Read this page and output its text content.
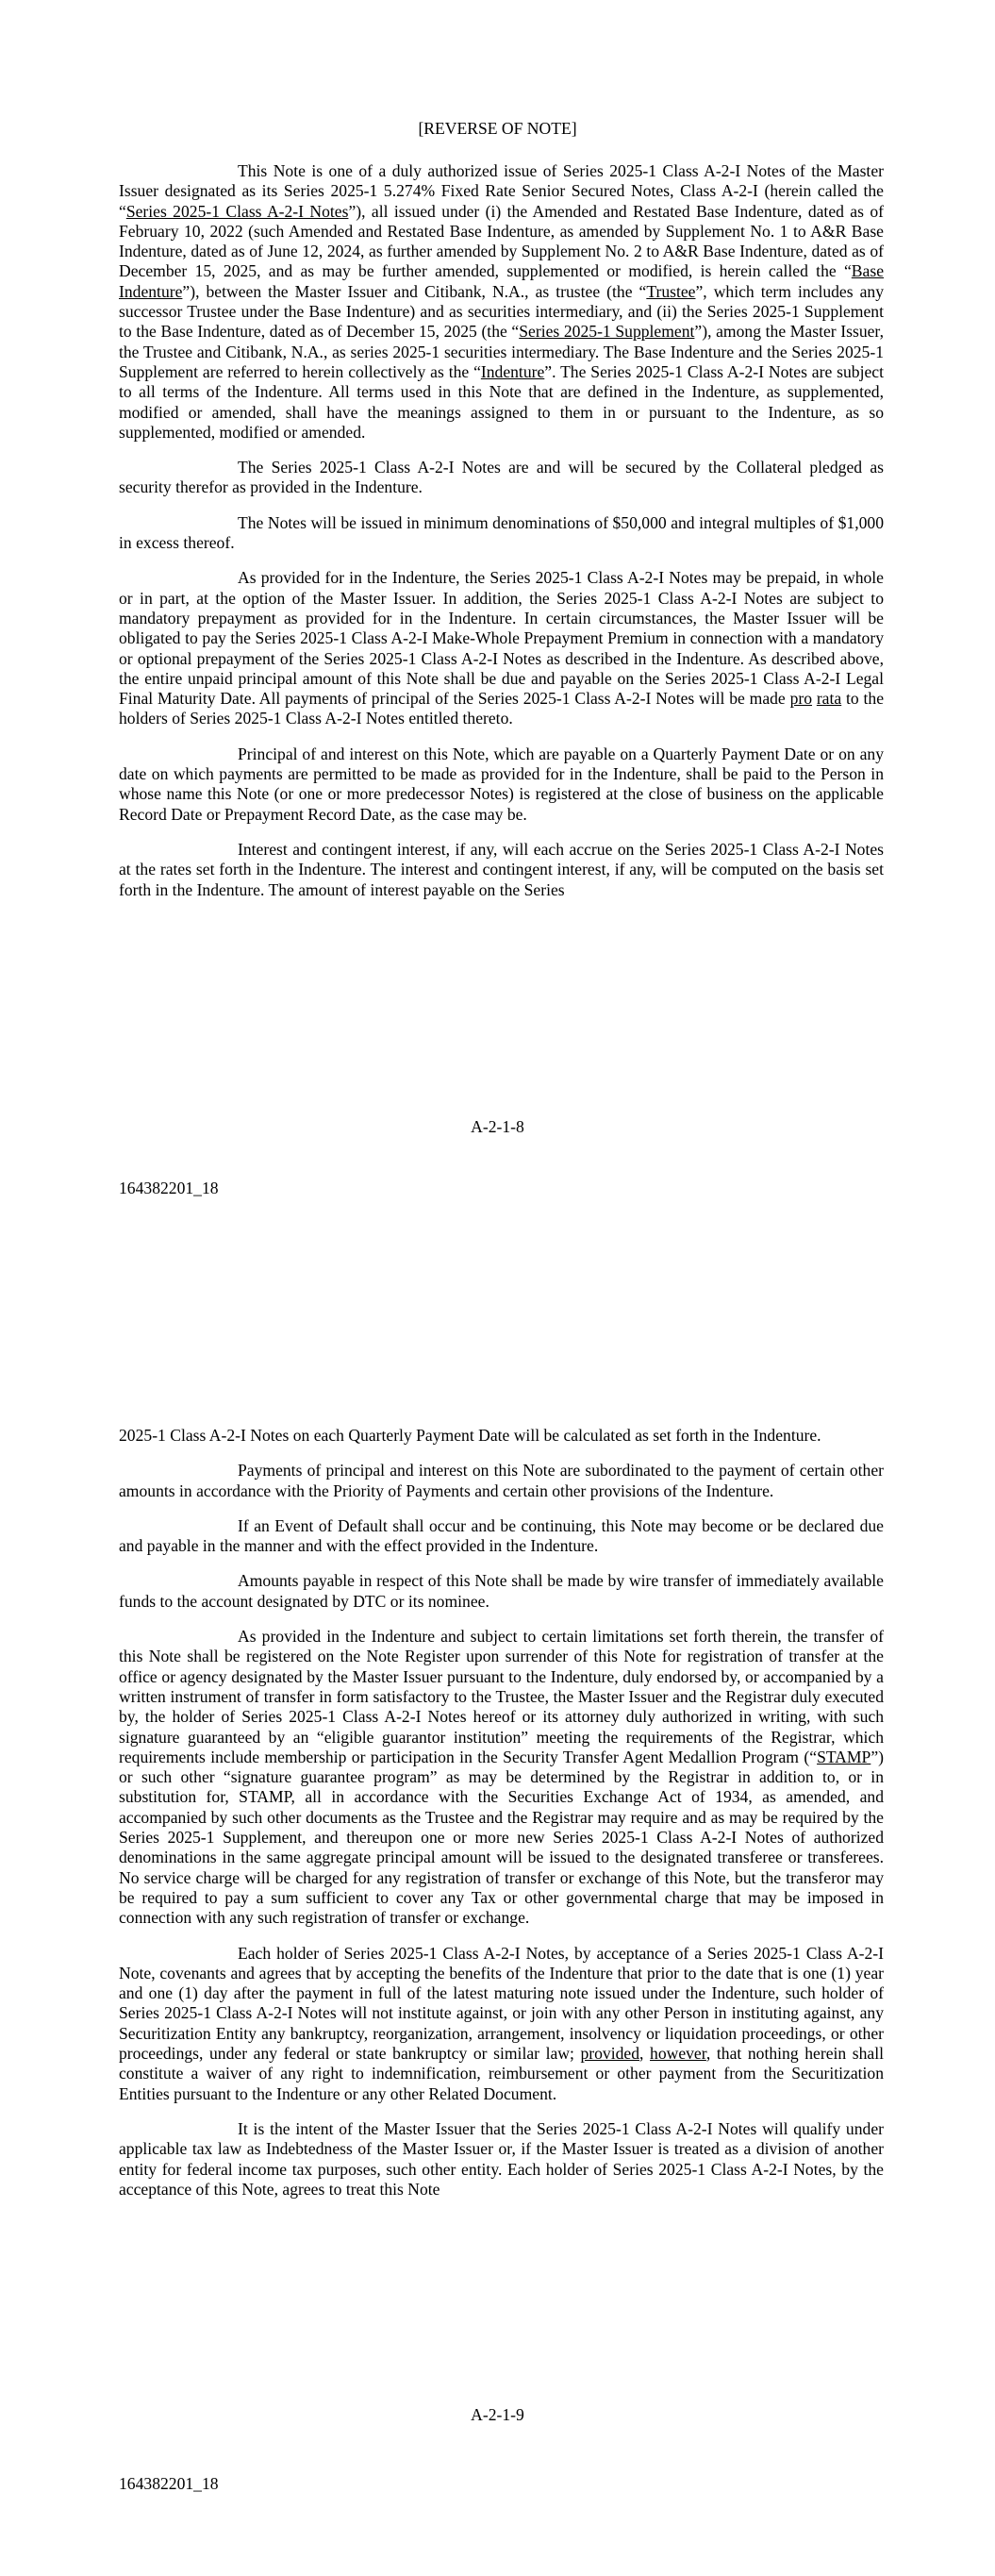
[REVERSE OF NOTE]

This Note is one of a duly authorized issue of Series 2025-1 Class A-2-I Notes of the Master Issuer designated as its Series 2025-1 5.274% Fixed Rate Senior Secured Notes, Class A-2-I (herein called the “Series 2025-1 Class A-2-I Notes”), all issued under (i) the Amended and Restated Base Indenture, dated as of February 10, 2022 (such Amended and Restated Base Indenture, as amended by Supplement No. 1 to A&R Base Indenture, dated as of June 12, 2024, as further amended by Supplement No. 2 to A&R Base Indenture, dated as of December 15, 2025, and as may be further amended, supplemented or modified, is herein called the “Base Indenture”), between the Master Issuer and Citibank, N.A., as trustee (the “Trustee”, which term includes any successor Trustee under the Base Indenture) and as securities intermediary, and (ii) the Series 2025-1 Supplement to the Base Indenture, dated as of December 15, 2025 (the “Series 2025-1 Supplement”), among the Master Issuer, the Trustee and Citibank, N.A., as series 2025-1 securities intermediary. The Base Indenture and the Series 2025-1 Supplement are referred to herein collectively as the “Indenture”. The Series 2025-1 Class A-2-I Notes are subject to all terms of the Indenture. All terms used in this Note that are defined in the Indenture, as supplemented, modified or amended, shall have the meanings assigned to them in or pursuant to the Indenture, as so supplemented, modified or amended.

The Series 2025-1 Class A-2-I Notes are and will be secured by the Collateral pledged as security therefor as provided in the Indenture.

The Notes will be issued in minimum denominations of $50,000 and integral multiples of $1,000 in excess thereof.

As provided for in the Indenture, the Series 2025-1 Class A-2-I Notes may be prepaid, in whole or in part, at the option of the Master Issuer. In addition, the Series 2025-1 Class A-2-I Notes are subject to mandatory prepayment as provided for in the Indenture. In certain circumstances, the Master Issuer will be obligated to pay the Series 2025-1 Class A-2-I Make-Whole Prepayment Premium in connection with a mandatory or optional prepayment of the Series 2025-1 Class A-2-I Notes as described in the Indenture. As described above, the entire unpaid principal amount of this Note shall be due and payable on the Series 2025-1 Class A-2-I Legal Final Maturity Date. All payments of principal of the Series 2025-1 Class A-2-I Notes will be made pro rata to the holders of Series 2025-1 Class A-2-I Notes entitled thereto.

Principal of and interest on this Note, which are payable on a Quarterly Payment Date or on any date on which payments are permitted to be made as provided for in the Indenture, shall be paid to the Person in whose name this Note (or one or more predecessor Notes) is registered at the close of business on the applicable Record Date or Prepayment Record Date, as the case may be.

Interest and contingent interest, if any, will each accrue on the Series 2025-1 Class A-2-I Notes at the rates set forth in the Indenture. The interest and contingent interest, if any, will be computed on the basis set forth in the Indenture. The amount of interest payable on the Series

A-2-1-8
164382201_18

2025-1 Class A-2-I Notes on each Quarterly Payment Date will be calculated as set forth in the Indenture.

Payments of principal and interest on this Note are subordinated to the payment of certain other amounts in accordance with the Priority of Payments and certain other provisions of the Indenture.

If an Event of Default shall occur and be continuing, this Note may become or be declared due and payable in the manner and with the effect provided in the Indenture.

Amounts payable in respect of this Note shall be made by wire transfer of immediately available funds to the account designated by DTC or its nominee.

As provided in the Indenture and subject to certain limitations set forth therein, the transfer of this Note shall be registered on the Note Register upon surrender of this Note for registration of transfer at the office or agency designated by the Master Issuer pursuant to the Indenture, duly endorsed by, or accompanied by a written instrument of transfer in form satisfactory to the Trustee, the Master Issuer and the Registrar duly executed by, the holder of Series 2025-1 Class A-2-I Notes hereof or its attorney duly authorized in writing, with such signature guaranteed by an “eligible guarantor institution” meeting the requirements of the Registrar, which requirements include membership or participation in the Security Transfer Agent Medallion Program (“STAMP”) or such other “signature guarantee program” as may be determined by the Registrar in addition to, or in substitution for, STAMP, all in accordance with the Securities Exchange Act of 1934, as amended, and accompanied by such other documents as the Trustee and the Registrar may require and as may be required by the Series 2025-1 Supplement, and thereupon one or more new Series 2025-1 Class A-2-I Notes of authorized denominations in the same aggregate principal amount will be issued to the designated transferee or transferees. No service charge will be charged for any registration of transfer or exchange of this Note, but the transferor may be required to pay a sum sufficient to cover any Tax or other governmental charge that may be imposed in connection with any such registration of transfer or exchange.

Each holder of Series 2025-1 Class A-2-I Notes, by acceptance of a Series 2025-1 Class A-2-I Note, covenants and agrees that by accepting the benefits of the Indenture that prior to the date that is one (1) year and one (1) day after the payment in full of the latest maturing note issued under the Indenture, such holder of Series 2025-1 Class A-2-I Notes will not institute against, or join with any other Person in instituting against, any Securitization Entity any bankruptcy, reorganization, arrangement, insolvency or liquidation proceedings, or other proceedings, under any federal or state bankruptcy or similar law; provided, however, that nothing herein shall constitute a waiver of any right to indemnification, reimbursement or other payment from the Securitization Entities pursuant to the Indenture or any other Related Document.

It is the intent of the Master Issuer that the Series 2025-1 Class A-2-I Notes will qualify under applicable tax law as Indebtedness of the Master Issuer or, if the Master Issuer is treated as a division of another entity for federal income tax purposes, such other entity. Each holder of Series 2025-1 Class A-2-I Notes, by the acceptance of this Note, agrees to treat this Note

A-2-1-9
164382201_18
